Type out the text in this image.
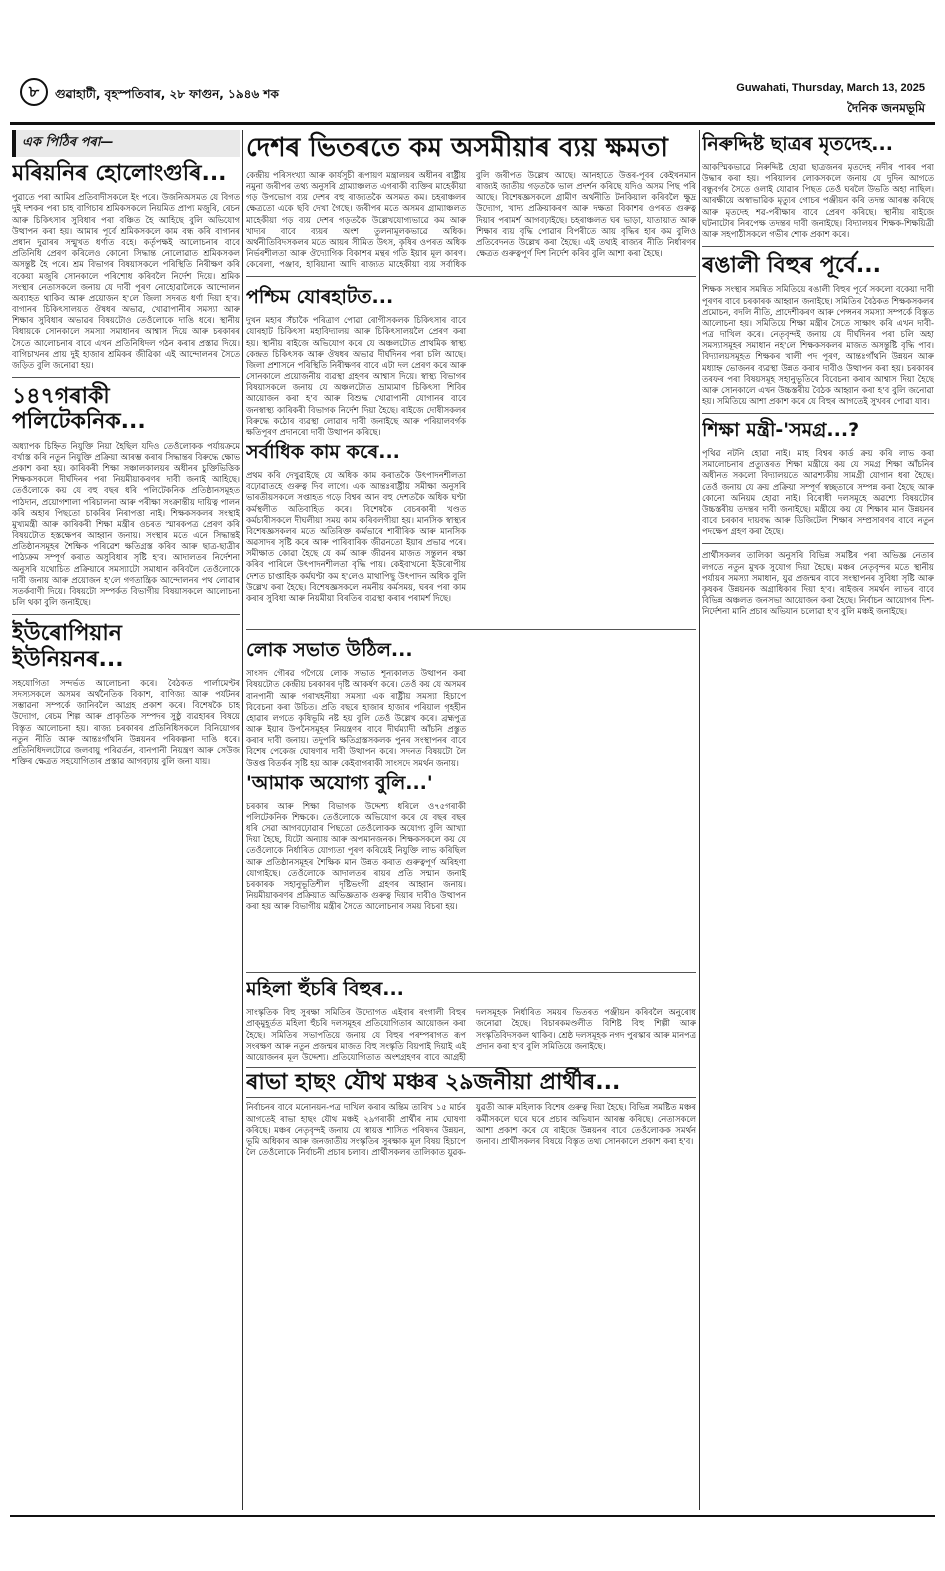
৮	গুৱাহাটী, বৃহস্পতিবাৰ, ২৮ ফাগুন, ১৯৪৬ শক	Guwahati, Thursday, March 13, 2025
দৈনিক জনমভূমি
এক পিঠিৰ পৰা—
মৰিয়নিৰ হোলোংগুৰি...
পুৱাতে পৰা আমিৰ প্ৰতিবাদীসকলে ইং পৰে। উজনিঅসমত যে বিগত দুই দশকৰ পৰা চাহ বাগিচাৰ শ্ৰমিকসকলে নিয়মিত প্ৰাপ্য মজুৰি, ৰেচন আৰু চিকিৎসাৰ সুবিধাৰ পৰা বঞ্চিত হৈ আহিছে বুলি অভিযোগ উত্থাপন কৰা হয়। আমাৰ পূৰ্বে শ্ৰমিকসকলে কাম বন্ধ কৰি বাগানৰ প্ৰধান দুৱাৰৰ সন্মুখত ধৰ্ণাত বহে। কৰ্তৃপক্ষই আলোচনাৰ বাবে প্ৰতিনিধি প্ৰেৰণ কৰিলেও কোনো সিদ্ধান্ত নোলোৱাত শ্ৰমিকসকল অসন্তুষ্ট হৈ পৰে। শ্ৰম বিভাগৰ বিষয়াসকলে পৰিস্থিতি নিৰীক্ষণ কৰি বকেয়া মজুৰি সোনকালে পৰিশোধ কৰিবলৈ নিৰ্দেশ দিয়ে। শ্ৰমিক সংস্থাৰ নেতাসকলে জনায় যে দাবী পূৰণ নোহোৱালৈকে আন্দোলন অব্যাহত থাকিব আৰু প্ৰয়োজন হ'লে জিলা সদৰত ধৰ্ণা দিয়া হ'ব। বাগানৰ চিকিৎসালয়ত ঔষধৰ অভাৱ, খোৱাপানীৰ সমস্যা আৰু শিক্ষাৰ সুবিধাৰ অভাৱৰ বিষয়টোও তেওঁলোকে দাঙি ধৰে। স্থানীয় বিধায়কে সোনকালে সমস্যা সমাধানৰ আশ্বাস দিয়ে আৰু চৰকাৰৰ সৈতে আলোচনাৰ বাবে এখন প্ৰতিনিধিদল গঠন কৰাৰ প্ৰস্তাৱ দিয়ে। বাগিচাখনৰ প্ৰায় দুই হাজাৰ শ্ৰমিকৰ জীৱিকা এই আন্দোলনৰ সৈতে জড়িত বুলি জনোৱা হয়।
১৪৭গৰাকী পলিটেকনিক...
অধ্যাপক চিহ্নিত নিযুক্তি নিয়া হৈছিল যদিও তেওঁলোকক পৰ্যায়ক্ৰমে বৰ্খাস্ত কৰি নতুন নিযুক্তি প্ৰক্ৰিয়া আৰম্ভ কৰাৰ সিদ্ধান্তৰ বিৰুদ্ধে ক্ষোভ প্ৰকাশ কৰা হয়। কাৰিকৰী শিক্ষা সঞ্চালকালয়ৰ অধীনৰ চুক্তিভিত্তিক শিক্ষকসকলে দীৰ্ঘদিনৰ পৰা নিয়মীয়াকৰণৰ দাবী জনাই আহিছে। তেওঁলোকে কয় যে বহু বছৰ ধৰি পলিটেকনিক প্ৰতিষ্ঠানসমূহত পাঠদান, প্ৰয়োগশালা পৰিচালনা আৰু পৰীক্ষা সংক্ৰান্তীয় দায়িত্ব পালন কৰি অহাৰ পিছতো চাকৰিৰ নিৰাপত্তা নাই। শিক্ষকসকলৰ সংস্থাই মুখ্যমন্ত্ৰী আৰু কাৰিকৰী শিক্ষা মন্ত্ৰীৰ ওচৰত স্মাৰকপত্ৰ প্ৰেৰণ কৰি বিষয়টোত হস্তক্ষেপৰ আহ্বান জনায়। সংস্থাৰ মতে এনে সিদ্ধান্তই প্ৰতিষ্ঠানসমূহৰ শৈক্ষিক পৰিৱেশ ক্ষতিগ্ৰস্ত কৰিব আৰু ছাত্ৰ-ছাত্ৰীৰ পাঠ্যক্ৰম সম্পূৰ্ণ কৰাত অসুবিধাৰ সৃষ্টি হ'ব। আদালতৰ নিৰ্দেশনা অনুসৰি যথোচিত প্ৰক্ৰিয়াৰে সমস্যাটো সমাধান কৰিবলৈ তেওঁলোকে দাবী জনায় আৰু প্ৰয়োজন হ'লে গণতান্ত্ৰিক আন্দোলনৰ পথ লোৱাৰ সতৰ্কবাণী দিয়ে। বিষয়টো সম্পৰ্কত বিভাগীয় বিষয়াসকলে আলোচনা চলি থকা বুলি জনাইছে।
ইউৰোপিয়ান ইউনিয়নৰ...
সহযোগিতা সন্দৰ্ভত আলোচনা কৰে। বৈঠকত পাৰ্লামেণ্টৰ সদস্যসকলে অসমৰ অৰ্থনৈতিক বিকাশ, বাণিজ্য আৰু পৰ্যটনৰ সম্ভাৱনা সম্পৰ্কে জানিবলৈ আগ্ৰহ প্ৰকাশ কৰে। বিশেষকৈ চাহ উদ্যোগ, ৰেচম শিল্প আৰু প্ৰাকৃতিক সম্পদৰ সুষ্ঠু ব্যৱহাৰৰ বিষয়ে বিস্তৃত আলোচনা হয়। ৰাজ্য চৰকাৰৰ প্ৰতিনিধিসকলে বিনিয়োগৰ নতুন নীতি আৰু আন্তঃগাঁথনি উন্নয়নৰ পৰিকল্পনা দাঙি ধৰে। প্ৰতিনিধিদলটোৱে জলবায়ু পৰিৱৰ্তন, বানপানী নিয়ন্ত্ৰণ আৰু সেউজ শক্তিৰ ক্ষেত্ৰত সহযোগিতাৰ প্ৰস্তাৱ আগবঢ়ায় বুলি জনা যায়।
দেশৰ ভিতৰতে কম অসমীয়াৰ ব্যয় ক্ষমতা
কেন্দ্ৰীয় পৰিসংখ্যা আৰু কাৰ্যসূচী ৰূপায়ণ মন্ত্ৰালয়ৰ অধীনৰ ৰাষ্ট্ৰীয় নমুনা জৰীপৰ তথ্য অনুসৰি গ্ৰাম্যাঞ্চলত এগৰাকী ব্যক্তিৰ মাহেকীয়া গড় উপভোগ ব্যয় দেশৰ বহু ৰাজ্যতকৈ অসমত কম। চহৰাঞ্চলৰ ক্ষেত্ৰতো একে ছবি দেখা গৈছে। জৰীপৰ মতে অসমৰ গ্ৰাম্যাঞ্চলত মাহেকীয়া গড় ব্যয় দেশৰ গড়তকৈ উল্লেখযোগ্যভাৱে কম আৰু খাদ্যৰ বাবে ব্যয়ৰ অংশ তুলনামূলকভাৱে অধিক। অৰ্থনীতিবিদসকলৰ মতে আয়ৰ সীমিত উৎস, কৃষিৰ ওপৰত অধিক নিৰ্ভৰশীলতা আৰু ঔদ্যোগিক বিকাশৰ মন্থৰ গতি ইয়াৰ মূল কাৰণ। কেৰেলা, পঞ্জাব, হাৰিয়ানা আদি ৰাজ্যত মাহেকীয়া ব্যয় সৰ্বাধিক বুলি জৰীপত উল্লেখ আছে। আনহাতে উত্তৰ-পূবৰ কেইখনমান ৰাজ্যই জাতীয় গড়তকৈ ভাল প্ৰদৰ্শন কৰিছে যদিও অসম পিছ পৰি আছে। বিশেষজ্ঞসকলে গ্ৰামীণ অৰ্থনীতি টনকিয়াল কৰিবলৈ ক্ষুদ্ৰ উদ্যোগ, খাদ্য প্ৰক্ৰিয়াকৰণ আৰু দক্ষতা বিকাশৰ ওপৰত গুৰুত্ব দিয়াৰ পৰামৰ্শ আগবঢ়াইছে। চহৰাঞ্চলত ঘৰ ভাড়া, যাতায়াত আৰু শিক্ষাৰ ব্যয় বৃদ্ধি পোৱাৰ বিপৰীতে আয় বৃদ্ধিৰ হাৰ কম বুলিও প্ৰতিবেদনত উল্লেখ কৰা হৈছে। এই তথ্যই ৰাজ্যৰ নীতি নিৰ্ধাৰণৰ ক্ষেত্ৰত গুৰুত্বপূৰ্ণ দিশ নিৰ্দেশ কৰিব বুলি আশা কৰা হৈছে।
পশ্চিম যোৰহাটত...
দুখন মহাৰ সঁচাকৈ পৰিত্ৰাণ পোৱা ৰোগীসকলক চিকিৎসাৰ বাবে যোৰহাট চিকিৎসা মহাবিদ্যালয় আৰু চিকিৎসালয়লৈ প্ৰেৰণ কৰা হয়। স্থানীয় ৰাইজে অভিযোগ কৰে যে অঞ্চলটোত প্ৰাথমিক স্বাস্থ্য কেন্দ্ৰত চিকিৎসক আৰু ঔষধৰ অভাৱ দীৰ্ঘদিনৰ পৰা চলি আছে। জিলা প্ৰশাসনে পৰিস্থিতি নিৰীক্ষণৰ বাবে এটা দল প্ৰেৰণ কৰে আৰু সোনকালে প্ৰয়োজনীয় ব্যৱস্থা গ্ৰহণৰ আশ্বাস দিয়ে। স্বাস্থ্য বিভাগৰ বিষয়াসকলে জনায় যে অঞ্চলটোত ভ্ৰাম্যমাণ চিকিৎসা শিবিৰ আয়োজন কৰা হ'ব আৰু বিশুদ্ধ খোৱাপানী যোগানৰ বাবে জনস্বাস্থ্য কাৰিকৰী বিভাগক নিৰ্দেশ দিয়া হৈছে। ৰাইজে দোষীসকলৰ বিৰুদ্ধে কঠোৰ ব্যৱস্থা লোৱাৰ দাবী জনাইছে আৰু পৰিয়ালবৰ্গক ক্ষতিপূৰণ প্ৰদানৰো দাবী উত্থাপন কৰিছে।
সৰ্বাধিক কাম কৰে...
প্ৰথম কৰি দেখুৱাইছে যে অধিক কাম কৰাতকৈ উৎপাদনশীলতা বঢ়োৱাতহে গুৰুত্ব দিব লাগে। এক আন্তঃৰাষ্ট্ৰীয় সমীক্ষা অনুসৰি ভাৰতীয়সকলে সপ্তাহত গড়ে বিশ্বৰ আন বহু দেশতকৈ অধিক ঘণ্টা কৰ্মস্থলীত অতিবাহিত কৰে। বিশেষকৈ বেচৰকাৰী খণ্ডত কৰ্মচাৰীসকলে দীঘলীয়া সময় কাম কৰিবলগীয়া হয়। মানসিক স্বাস্থ্যৰ বিশেষজ্ঞসকলৰ মতে অতিৰিক্ত কৰ্মভাৰে শাৰীৰিক আৰু মানসিক অৱসাদৰ সৃষ্টি কৰে আৰু পাৰিবাৰিক জীৱনতো ইয়াৰ প্ৰভাৱ পৰে। সমীক্ষাত কোৱা হৈছে যে কৰ্ম আৰু জীৱনৰ মাজত সন্তুলন ৰক্ষা কৰিব পাৰিলে উৎপাদনশীলতা বৃদ্ধি পায়। কেইবাখনো ইউৰোপীয় দেশত চাপ্তাহিক কৰ্মঘণ্টা কম হ'লেও মাথাপিছু উৎপাদন অধিক বুলি উল্লেখ কৰা হৈছে। বিশেষজ্ঞসকলে নমনীয় কৰ্মসময়, ঘৰৰ পৰা কাম কৰাৰ সুবিধা আৰু নিয়মীয়া বিৰতিৰ ব্যৱস্থা কৰাৰ পৰামৰ্শ দিছে।
লোক সভাত উঠিল...
সাংসদ গৌৰৱ গগৈয়ে লোক সভাত শূন্যকালত উত্থাপন কৰা বিষয়টোত কেন্দ্ৰীয় চৰকাৰৰ দৃষ্টি আকৰ্ষণ কৰে। তেওঁ কয় যে অসমৰ বানপানী আৰু গৰাখহনীয়া সমস্যা এক ৰাষ্ট্ৰীয় সমস্যা হিচাপে বিবেচনা কৰা উচিত। প্ৰতি বছৰে হাজাৰ হাজাৰ পৰিয়াল গৃহহীন হোৱাৰ লগতে কৃষিভূমি নষ্ট হয় বুলি তেওঁ উল্লেখ কৰে। ব্ৰহ্মপুত্ৰ আৰু ইয়াৰ উপনৈসমূহৰ নিয়ন্ত্ৰণৰ বাবে দীৰ্ঘম্যাদী আঁচনি প্ৰস্তুত কৰাৰ দাবী জনায়। তদুপৰি ক্ষতিগ্ৰস্তসকলক পুনৰ সংস্থাপনৰ বাবে বিশেষ পেকেজ ঘোষণাৰ দাবী উত্থাপন কৰে। সদনত বিষয়টো লৈ উত্তপ্ত বিতৰ্কৰ সৃষ্টি হয় আৰু কেইবাগৰাকী সাংসদে সমৰ্থন জনায়।
'আমাক অযোগ্য বুলি...'
চৰকাৰ আৰু শিক্ষা বিভাগক উদ্দেশ্য ধৰিলে ও৭৫গৰাকী পলিটেকনিক শিক্ষকে। তেওঁলোকে অভিযোগ কৰে যে বছৰ বছৰ ধৰি সেৱা আগবঢ়োৱাৰ পিছতো তেওঁলোকক অযোগ্য বুলি আখ্যা দিয়া হৈছে, যিটো অন্যায় আৰু অপমানজনক। শিক্ষকসকলে কয় যে তেওঁলোকে নিৰ্ধাৰিত যোগ্যতা পূৰণ কৰিয়েই নিযুক্তি লাভ কৰিছিল আৰু প্ৰতিষ্ঠানসমূহৰ শৈক্ষিক মান উন্নত কৰাত গুৰুত্বপূৰ্ণ অৰিহণা যোগাইছে। তেওঁলোকে আদালতৰ ৰায়ৰ প্ৰতি সন্মান জনাই চৰকাৰক সহানুভূতিশীল দৃষ্টিভংগী গ্ৰহণৰ আহ্বান জনায়। নিয়মীয়াকৰণৰ প্ৰক্ৰিয়াত অভিজ্ঞতাক গুৰুত্ব দিয়াৰ দাবীও উত্থাপন কৰা হয় আৰু বিভাগীয় মন্ত্ৰীৰ সৈতে আলোচনাৰ সময় বিচৰা হয়।
মহিলা হুঁচৰি বিহুৰ...
সাংস্কৃতিক বিহু সুৰক্ষা সমিতিৰ উদ্যোগত এইবাৰ ৰংগালী বিহুৰ প্ৰাক্‌মুহূৰ্তত মহিলা হুঁচৰি দলসমূহৰ প্ৰতিযোগিতাৰ আয়োজন কৰা হৈছে। সমিতিৰ সভাপতিয়ে জনায় যে বিহুৰ পৰম্পৰাগত ৰূপ সংৰক্ষণ আৰু নতুন প্ৰজন্মৰ মাজত বিহু সংস্কৃতি বিয়পাই দিয়াই এই আয়োজনৰ মূল উদ্দেশ্য। প্ৰতিযোগিতাত অংশগ্ৰহণৰ বাবে আগ্ৰহী দলসমূহক নিৰ্ধাৰিত সময়ৰ ভিতৰত পঞ্জীয়ন কৰিবলৈ অনুৰোধ জনোৱা হৈছে। বিচাৰকমণ্ডলীত বিশিষ্ট বিহু শিল্পী আৰু সংস্কৃতিবিদসকল থাকিব। শ্ৰেষ্ঠ দলসমূহক নগদ পুৰস্কাৰ আৰু মানপত্ৰ প্ৰদান কৰা হ'ব বুলি সমিতিয়ে জনাইছে।
ৰাভা হাছং যৌথ মঞ্চৰ ২৯জনীয়া প্ৰাৰ্থীৰ...
নিৰ্বাচনৰ বাবে মনোনয়ন-পত্ৰ দাখিল কৰাৰ অন্তিম তাৰিখ ১৫ মাৰ্চৰ আগতেই ৰাভা হাছং যৌথ মঞ্চই ২৯গৰাকী প্ৰাৰ্থীৰ নাম ঘোষণা কৰিছে। মঞ্চৰ নেতৃবৃন্দই জনায় যে স্বায়ত্ত শাসিত পৰিষদৰ উন্নয়ন, ভূমি অধিকাৰ আৰু জনজাতীয় সংস্কৃতিৰ সুৰক্ষাক মূল বিষয় হিচাপে লৈ তেওঁলোকে নিৰ্বাচনী প্ৰচাৰ চলাব। প্ৰাৰ্থীসকলৰ তালিকাত যুৱক-যুৱতী আৰু মহিলাক বিশেষ গুৰুত্ব দিয়া হৈছে। বিভিন্ন সমষ্টিত মঞ্চৰ কৰ্মীসকলে ঘৰে ঘৰে প্ৰচাৰ অভিযান আৰম্ভ কৰিছে। নেতাসকলে আশা প্ৰকাশ কৰে যে ৰাইজে উন্নয়নৰ বাবে তেওঁলোকক সমৰ্থন জনাব। প্ৰাৰ্থীসকলৰ বিষয়ে বিস্তৃত তথ্য সোনকালে প্ৰকাশ কৰা হ'ব।
নিৰুদ্দিষ্ট ছাত্ৰৰ মৃতদেহ...
আকস্মিকভাৱে নিৰুদ্দিষ্ট হোৱা ছাত্ৰজনৰ মৃতদেহ নদীৰ পাৰৰ পৰা উদ্ধাৰ কৰা হয়। পৰিয়ালৰ লোকসকলে জনায় যে দুদিন আগতে বন্ধুবৰ্গৰ সৈতে ওলাই যোৱাৰ পিছত তেওঁ ঘৰলৈ উভতি অহা নাছিল। আৰক্ষীয়ে অস্বাভাৱিক মৃত্যুৰ গোচৰ পঞ্জীয়ন কৰি তদন্ত আৰম্ভ কৰিছে আৰু মৃতদেহ শৱ-পৰীক্ষাৰ বাবে প্ৰেৰণ কৰিছে। স্থানীয় ৰাইজে ঘটনাটোৰ নিৰপেক্ষ তদন্তৰ দাবী জনাইছে। বিদ্যালয়ৰ শিক্ষক-শিক্ষয়িত্ৰী আৰু সহপাঠীসকলে গভীৰ শোক প্ৰকাশ কৰে।
ৰঙালী বিহুৰ পূৰ্বে...
শিক্ষক সংস্থাৰ সমন্বিত সমিতিয়ে ৰঙালী বিহুৰ পূৰ্বে সকলো বকেয়া দাবী পূৰণৰ বাবে চৰকাৰক আহ্বান জনাইছে। সমিতিৰ বৈঠকত শিক্ষকসকলৰ প্ৰমোচন, বদলি নীতি, প্ৰাদেশীকৰণ আৰু পেন্সনৰ সমস্যা সম্পৰ্কে বিস্তৃত আলোচনা হয়। সমিতিয়ে শিক্ষা মন্ত্ৰীৰ সৈতে সাক্ষাৎ কৰি এখন দাবী-পত্ৰ দাখিল কৰে। নেতৃবৃন্দই জনায় যে দীৰ্ঘদিনৰ পৰা চলি অহা সমস্যাসমূহৰ সমাধান নহ'লে শিক্ষকসকলৰ মাজত অসন্তুষ্টি বৃদ্ধি পাব। বিদ্যালয়সমূহত শিক্ষকৰ খালী পদ পূৰণ, আন্তঃগাঁথনি উন্নয়ন আৰু মধ্যাহ্ন ভোজনৰ ব্যৱস্থা উন্নত কৰাৰ দাবীও উত্থাপন কৰা হয়। চৰকাৰৰ তৰফৰ পৰা বিষয়সমূহ সহানুভূতিৰে বিবেচনা কৰাৰ আশ্বাস দিয়া হৈছে আৰু সোনকালে এখন উচ্চস্তৰীয় বৈঠক আহ্বান কৰা হ'ব বুলি জনোৱা হয়। সমিতিয়ে আশা প্ৰকাশ কৰে যে বিহুৰ আগতেই সুখবৰ পোৱা যাব।
শিক্ষা মন্ত্ৰী-'সমগ্ৰ...?
পৃথিৱ নটনি হোৱা নাই। মাহ বিশ্বৰ কাৰ্ড ক্ৰয় কৰি লাভ কৰা সমালোচনাৰ প্ৰত্যুত্তৰত শিক্ষা মন্ত্ৰীয়ে কয় যে সমগ্ৰ শিক্ষা আঁচনিৰ অধীনত সকলো বিদ্যালয়তে আৱশ্যকীয় সামগ্ৰী যোগান ধৰা হৈছে। তেওঁ জনায় যে ক্ৰয় প্ৰক্ৰিয়া সম্পূৰ্ণ স্বচ্ছতাৰে সম্পন্ন কৰা হৈছে আৰু কোনো অনিয়ম হোৱা নাই। বিৰোধী দলসমূহে অৱশ্যে বিষয়টোৰ উচ্চস্তৰীয় তদন্তৰ দাবী জনাইছে। মন্ত্ৰীয়ে কয় যে শিক্ষাৰ মান উন্নয়নৰ বাবে চৰকাৰ দায়বদ্ধ আৰু ডিজিটেল শিক্ষাৰ সম্প্ৰসাৰণৰ বাবে নতুন পদক্ষেপ গ্ৰহণ কৰা হৈছে।
প্ৰাৰ্থীসকলৰ তালিকা অনুসৰি বিভিন্ন সমষ্টিৰ পৰা অভিজ্ঞ নেতাৰ লগতে নতুন মুখক সুযোগ দিয়া হৈছে। মঞ্চৰ নেতৃবৃন্দৰ মতে স্থানীয় পৰ্যায়ৰ সমস্যা সমাধান, যুৱ প্ৰজন্মৰ বাবে সংস্থাপনৰ সুবিধা সৃষ্টি আৰু কৃষকৰ উন্নয়নক অগ্ৰাধিকাৰ দিয়া হ'ব। ৰাইজৰ সমৰ্থন লাভৰ বাবে বিভিন্ন অঞ্চলত জনসভা আয়োজন কৰা হৈছে। নিৰ্বাচন আয়োগৰ দিশ-নিৰ্দেশনা মানি প্ৰচাৰ অভিযান চলোৱা হ'ব বুলি মঞ্চই জনাইছে।
